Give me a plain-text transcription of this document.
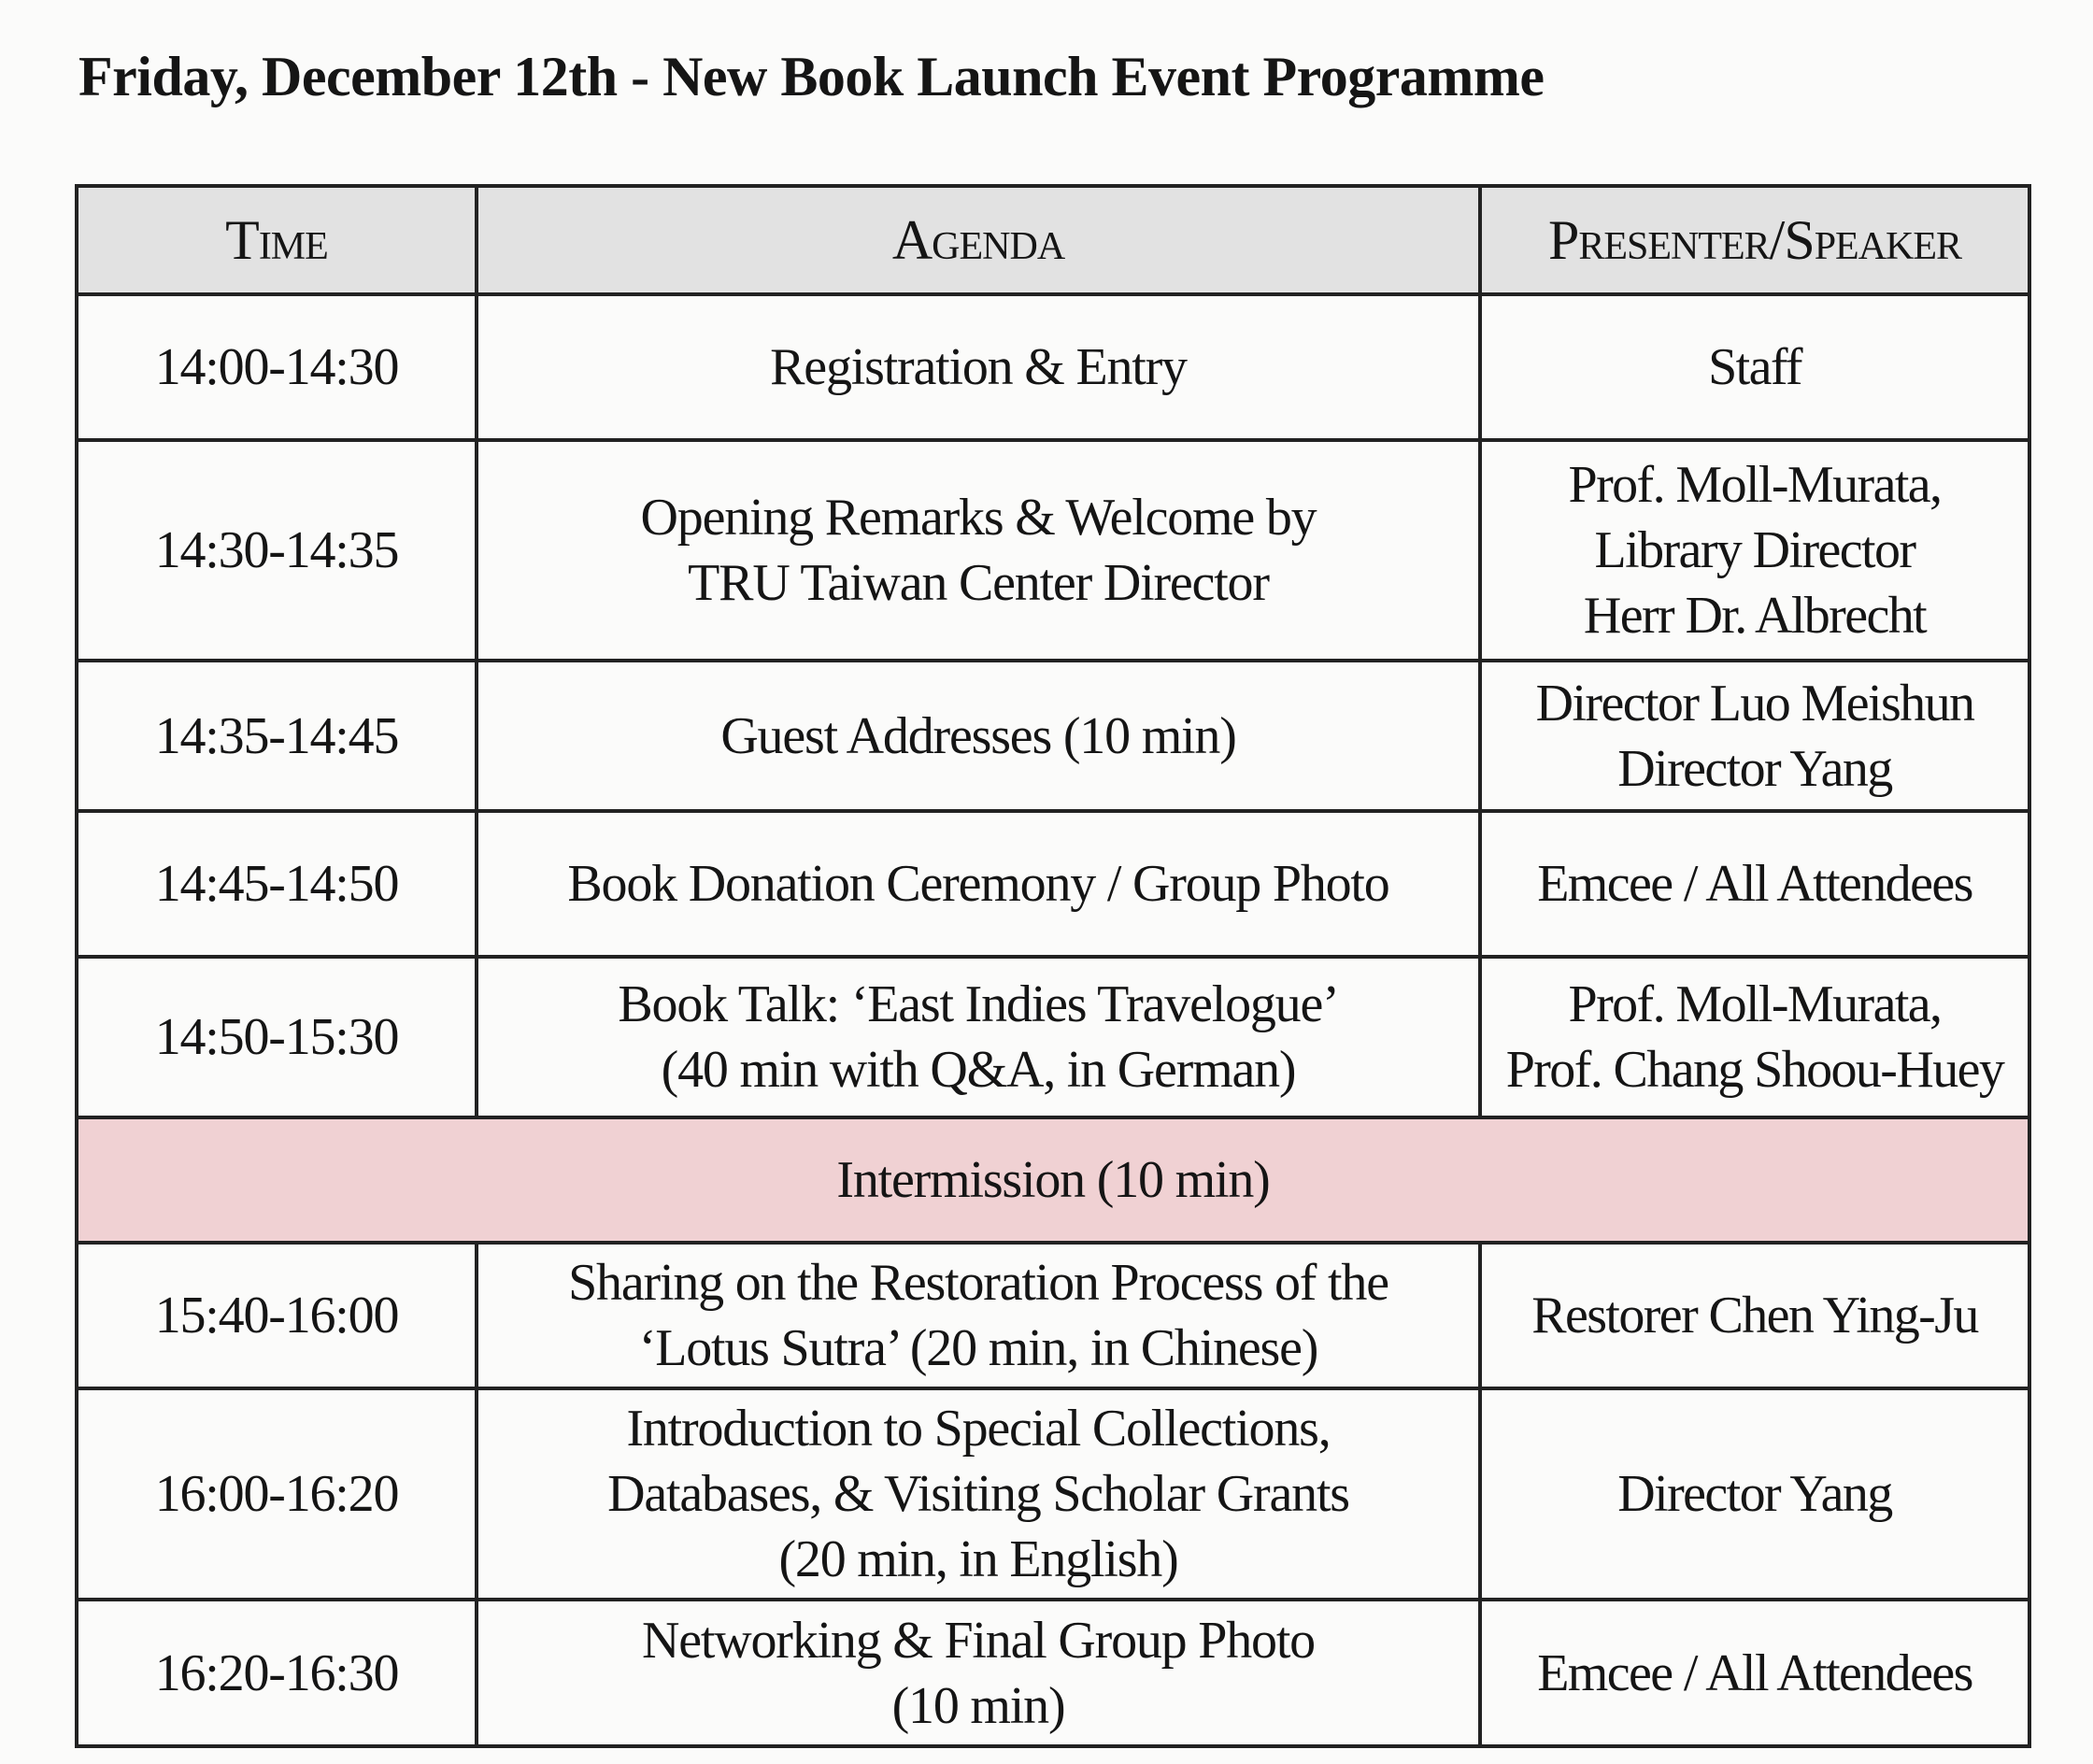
Friday, December 12th - New Book Launch Event Programme
Time	Agenda	Presenter/Speaker
14:00-14:30	Registration & Entry	Staff

14:30-14:35	Opening Remarks & Welcome by
TRU Taiwan Center Director	Prof. Moll-Murata,
Library Director
Herr Dr. Albrecht

14:35-14:45	Guest Addresses (10 min)	Director Luo Meishun
Director Yang

14:45-14:50	Book Donation Ceremony / Group Photo	Emcee / All Attendees

14:50-15:30	Book Talk: ‘East Indies Travelogue’
(40 min with Q&A, in German)	Prof. Moll-Murata,
Prof. Chang Shoou-Huey

Intermission (10 min)		
15:40-16:00	Sharing on the Restoration Process of the
‘Lotus Sutra’ (20 min, in Chinese)	Restorer Chen Ying-Ju

16:00-16:20	Introduction to Special Collections,
Databases, & Visiting Scholar Grants
(20 min, in English)	Director Yang

16:20-16:30	Networking & Final Group Photo
(10 min)	Emcee / All Attendees
